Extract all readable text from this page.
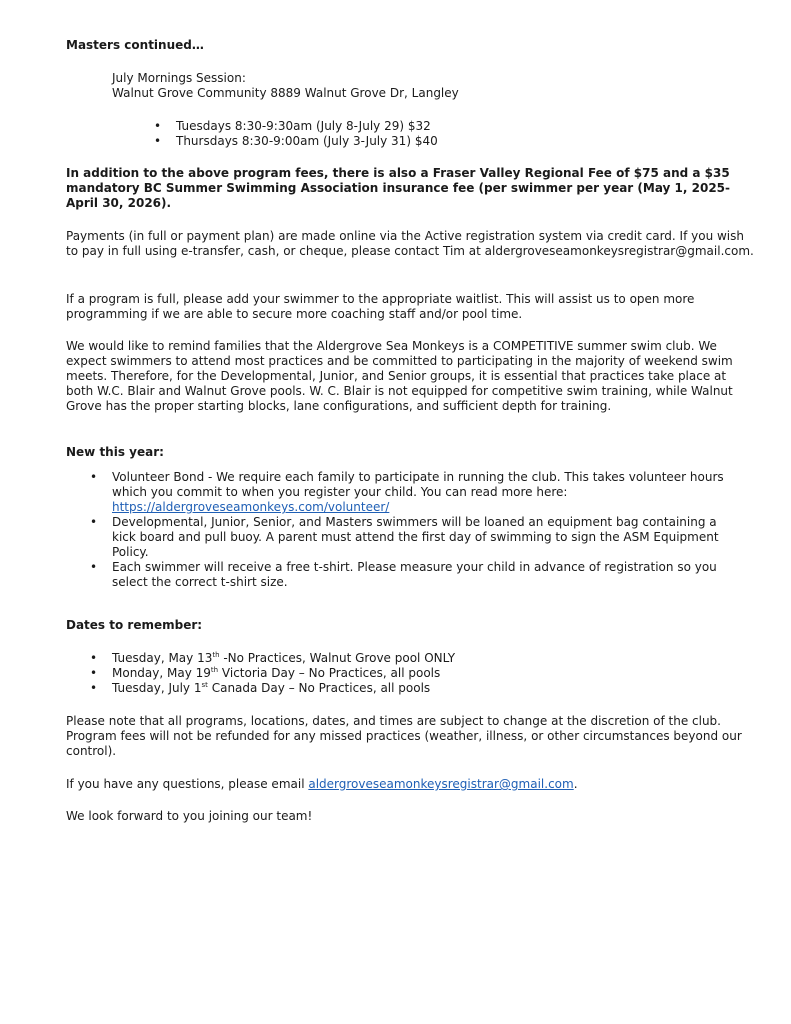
Masters continued…

July Mornings Session:

Walnut Grove Community 8889 Walnut Grove Dr, Langley

• Tuesdays 8:30-9:30am (July 8-July 29) $32
• Thursdays 8:30-9:00am (July 3-July 31) $40

In addition to the above program fees, there is also a Fraser Valley Regional Fee of $75 and a $35 mandatory BC Summer Swimming Association insurance fee (per swimmer per year (May 1, 2025-April 30, 2026).

Payments (in full or payment plan) are made online via the Active registration system via credit card. If you wish to pay in full using e-transfer, cash, or cheque, please contact Tim at aldergroveseamonkeysregistrar@gmail.com.

If a program is full, please add your swimmer to the appropriate waitlist. This will assist us to open more programming if we are able to secure more coaching staff and/or pool time.

We would like to remind families that the Aldergrove Sea Monkeys is a COMPETITIVE summer swim club. We expect swimmers to attend most practices and be committed to participating in the majority of weekend swim meets. Therefore, for the Developmental, Junior, and Senior groups, it is essential that practices take place at both W.C. Blair and Walnut Grove pools. W. C. Blair is not equipped for competitive swim training, while Walnut Grove has the proper starting blocks, lane configurations, and sufficient depth for training.

New this year:

• Volunteer Bond - We require each family to participate in running the club. This takes volunteer hours which you commit to when you register your child. You can read more here:
https://aldergroveseamonkeys.com/volunteer/
• Developmental, Junior, Senior, and Masters swimmers will be loaned an equipment bag containing a kick board and pull buoy. A parent must attend the first day of swimming to sign the ASM Equipment Policy.
• Each swimmer will receive a free t-shirt. Please measure your child in advance of registration so you select the correct t-shirt size.

Dates to remember:

• Tuesday, May 13th -No Practices, Walnut Grove pool ONLY
• Monday, May 19th Victoria Day – No Practices, all pools
• Tuesday, July 1st Canada Day – No Practices, all pools

Please note that all programs, locations, dates, and times are subject to change at the discretion of the club. Program fees will not be refunded for any missed practices (weather, illness, or other circumstances beyond our control).

If you have any questions, please email aldergroveseamonkeysregistrar@gmail.com.

We look forward to you joining our team!
